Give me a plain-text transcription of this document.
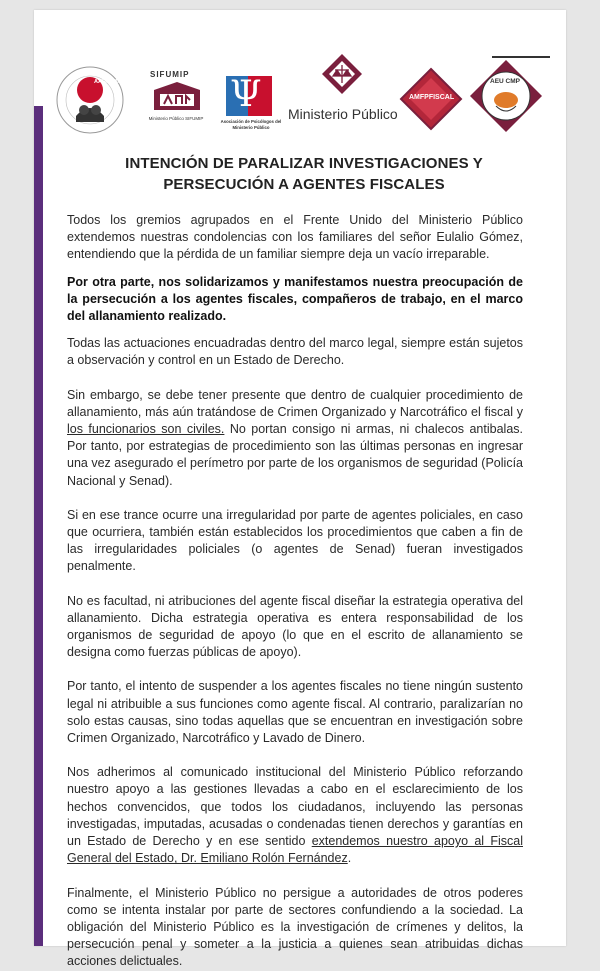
AAFFUMP
SIFUMIP
Ministerio Público SIFUMIP
Ψ
Asociación de Psicólogos del Ministerio Público
Ministerio Público
AMFPFISCAL
AEU CMP
INTENCIÓN DE PARALIZAR INVESTIGACIONES Y
PERSECUCIÓN A AGENTES FISCALES

Todos los gremios agrupados en el Frente Unido del Ministerio Público extendemos nuestras condolencias con los familiares del señor Eulalio Gómez, entendiendo que la pérdida de un familiar siempre deja un vacío irreparable.

Por otra parte, nos solidarizamos y manifestamos nuestra preocupación de la persecución a los agentes fiscales, compañeros de trabajo, en el marco del allanamiento realizado.

Todas las actuaciones encuadradas dentro del marco legal, siempre están sujetos a observación y control en un Estado de Derecho.

Sin embargo, se debe tener presente que dentro de cualquier procedimiento de allanamiento, más aún tratándose de Crimen Organizado y Narcotráfico el fiscal y los funcionarios son civiles. No portan consigo ni armas, ni chalecos antibalas. Por tanto, por estrategias de procedimiento son las últimas personas en ingresar una vez asegurado el perímetro por parte de los organismos de seguridad (Policía Nacional y Senad).

Si en ese trance ocurre una irregularidad por parte de agentes policiales, en caso que ocurriera, también están establecidos los procedimientos que caben a fin de las irregularidades policiales (o agentes de Senad) fueran investigados penalmente.

No es facultad, ni atribuciones del agente fiscal diseñar la estrategia operativa del allanamiento. Dicha estrategia operativa es entera responsabilidad de los organismos de seguridad de apoyo (lo que en el escrito de allanamiento se designa como fuerzas públicas de apoyo).

Por tanto, el intento de suspender a los agentes fiscales no tiene ningún sustento legal ni atribuible a sus funciones como agente fiscal. Al contrario, paralizarían no solo estas causas, sino todas aquellas que se encuentran en investigación sobre Crimen Organizado, Narcotráfico y Lavado de Dinero.

Nos adherimos al comunicado institucional del Ministerio Público reforzando nuestro apoyo a las gestiones llevadas a cabo en el esclarecimiento de los hechos convencidos, que todos los ciudadanos, incluyendo las personas investigadas, imputadas, acusadas o condenadas tienen derechos y garantías en un Estado de Derecho y en ese sentido extendemos nuestro apoyo al Fiscal General del Estado, Dr. Emiliano Rolón Fernández.

Finalmente, el Ministerio Público no persigue a autoridades de otros poderes como se intenta instalar por parte de sectores confundiendo a la sociedad. La obligación del Ministerio Público es la investigación de crímenes y delitos, la persecución penal y someter a la justicia a quienes sean atribuidas dichas acciones delictuales.
